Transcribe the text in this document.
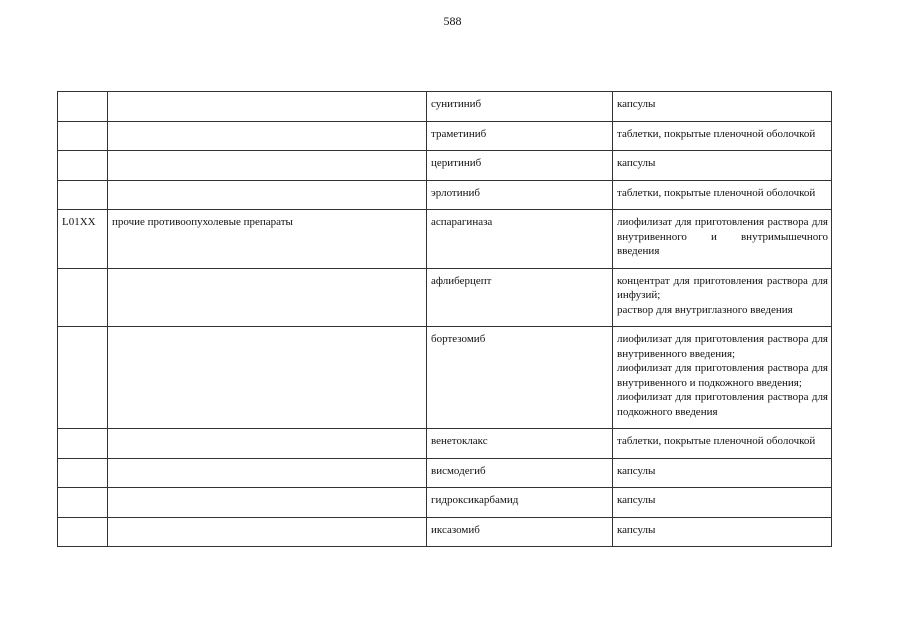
588
		сунитиниб	капсулы

		траметиниб	таблетки, покрытые пленочной оболочкой

		церитиниб	капсулы

		эрлотиниб	таблетки, покрытые пленочной оболочкой

L01XX	прочие противоопухолевые препараты	аспарагиназа	лиофилизат для приготовления раствора для внутривенного и внутримышечного введения

		афлиберцепт	концентрат для приготовления раствора для инфузий;
раствор для внутриглазного введения

		бортезомиб	лиофилизат для приготовления раствора для внутривенного введения;
лиофилизат для приготовления раствора для внутривенного и подкожного введения;
лиофилизат для приготовления раствора для подкожного введения

		венетоклакс	таблетки, покрытые пленочной оболочкой

		висмодегиб	капсулы

		гидроксикарбамид	капсулы

		иксазомиб	капсулы
